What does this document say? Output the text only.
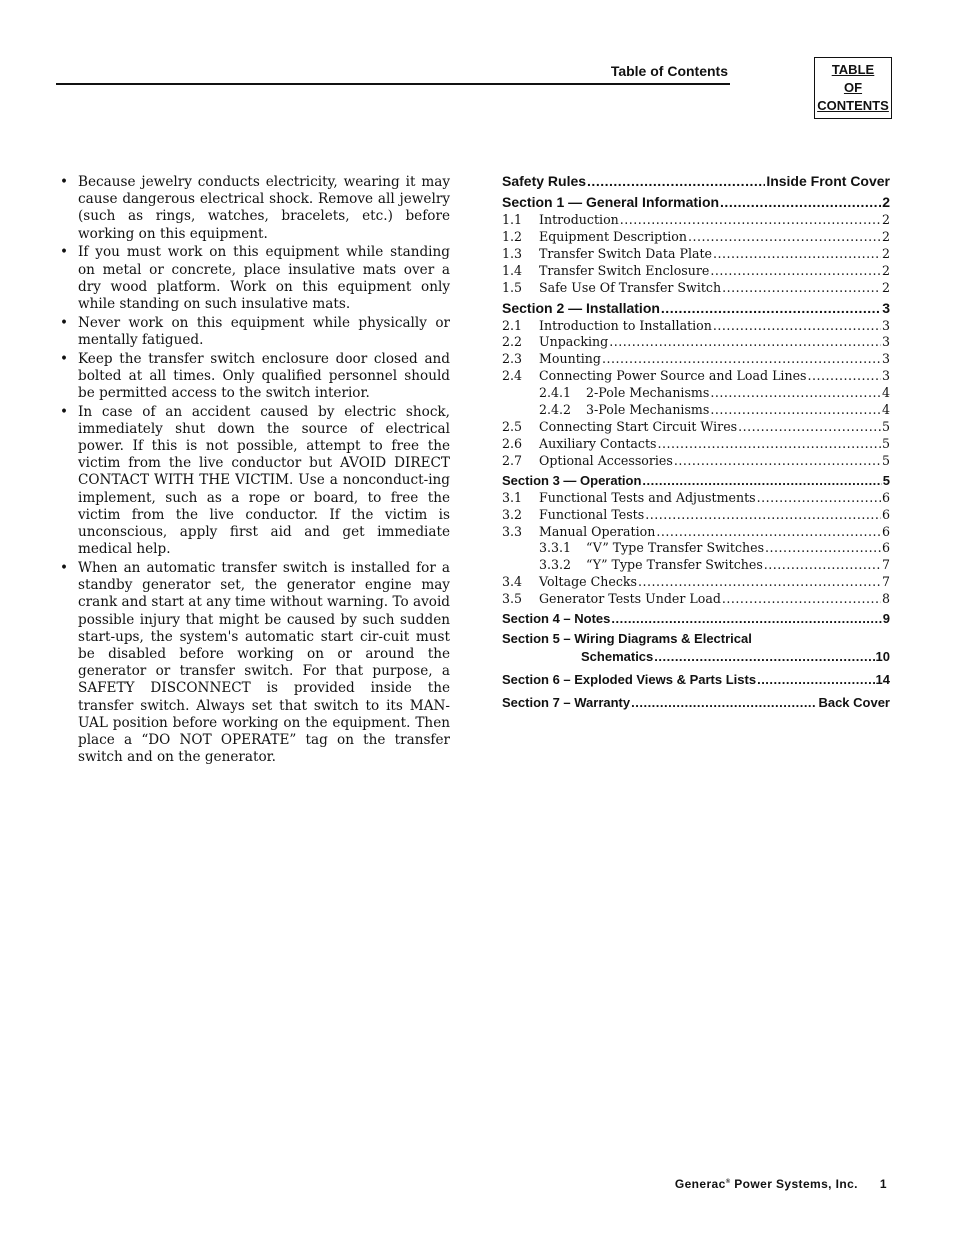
Table of Contents	TABLE
OF
CONTENTS
• Because jewelry conducts electricity, wearing it may cause dangerous electrical shock. Remove all jewelry (such as rings, watches, bracelets, etc.) before working on this equipment.
• If you must work on this equipment while standing on metal or concrete, place insulative mats over a dry wood platform. Work on this equipment only while standing on such insulative mats.
• Never work on this equipment while physically or mentally fatigued.
• Keep the transfer switch enclosure door closed and bolted at all times. Only qualified personnel should be permitted access to the switch interior.
• In case of an accident caused by electric shock, immediately shut down the source of electrical power. If this is not possible, attempt to free the victim from the live conductor but AVOID DIRECT CONTACT WITH THE VICTIM. Use a nonconduct-ing implement, such as a rope or board, to free the victim from the live conductor. If the victim is unconscious, apply first aid and get immediate medical help.
• When an automatic transfer switch is installed for a standby generator set, the generator engine may crank and start at any time without warning. To avoid possible injury that might be caused by such sudden start-ups, the system's automatic start cir-cuit must be disabled before working on or around the generator or transfer switch. For that purpose, a SAFETY DISCONNECT is provided inside the transfer switch. Always set that switch to its MAN-UAL position before working on the equipment. Then place a “DO NOT OPERATE” tag on the transfer switch and on the generator.
Safety Rules .....	Inside Front Cover
Section 1 — General Information .....	2
1.1	Introduction .....	2
1.2	Equipment Description .....	2
1.3	Transfer Switch Data Plate .....	2
1.4	Transfer Switch Enclosure .....	2
1.5	Safe Use Of Transfer Switch .....	2
Section 2 — Installation .....	3
2.1	Introduction to Installation .....	3
2.2	Unpacking .....	3
2.3	Mounting .....	3
2.4	Connecting Power Source and Load Lines .....	3
2.4.1	2-Pole Mechanisms .....	4
2.4.2	3-Pole Mechanisms .....	4
2.5	Connecting Start Circuit Wires .....	5
2.6	Auxiliary Contacts .....	5
2.7	Optional Accessories .....	5
Section 3 — Operation .....	5
3.1	Functional Tests and Adjustments .....	6
3.2	Functional Tests .....	6
3.3	Manual Operation .....	6
3.3.1	“V” Type Transfer Switches .....	6
3.3.2	“Y” Type Transfer Switches .....	7
3.4	Voltage Checks .....	7
3.5	Generator Tests Under Load .....	8
Section 4 – Notes .....	9
Section 5 – Wiring Diagrams & Electrical
Schematics .....	10
Section 6 – Exploded Views & Parts Lists .....	14
Section 7 – Warranty .....	Back Cover
Generac® Power Systems, Inc. 1
